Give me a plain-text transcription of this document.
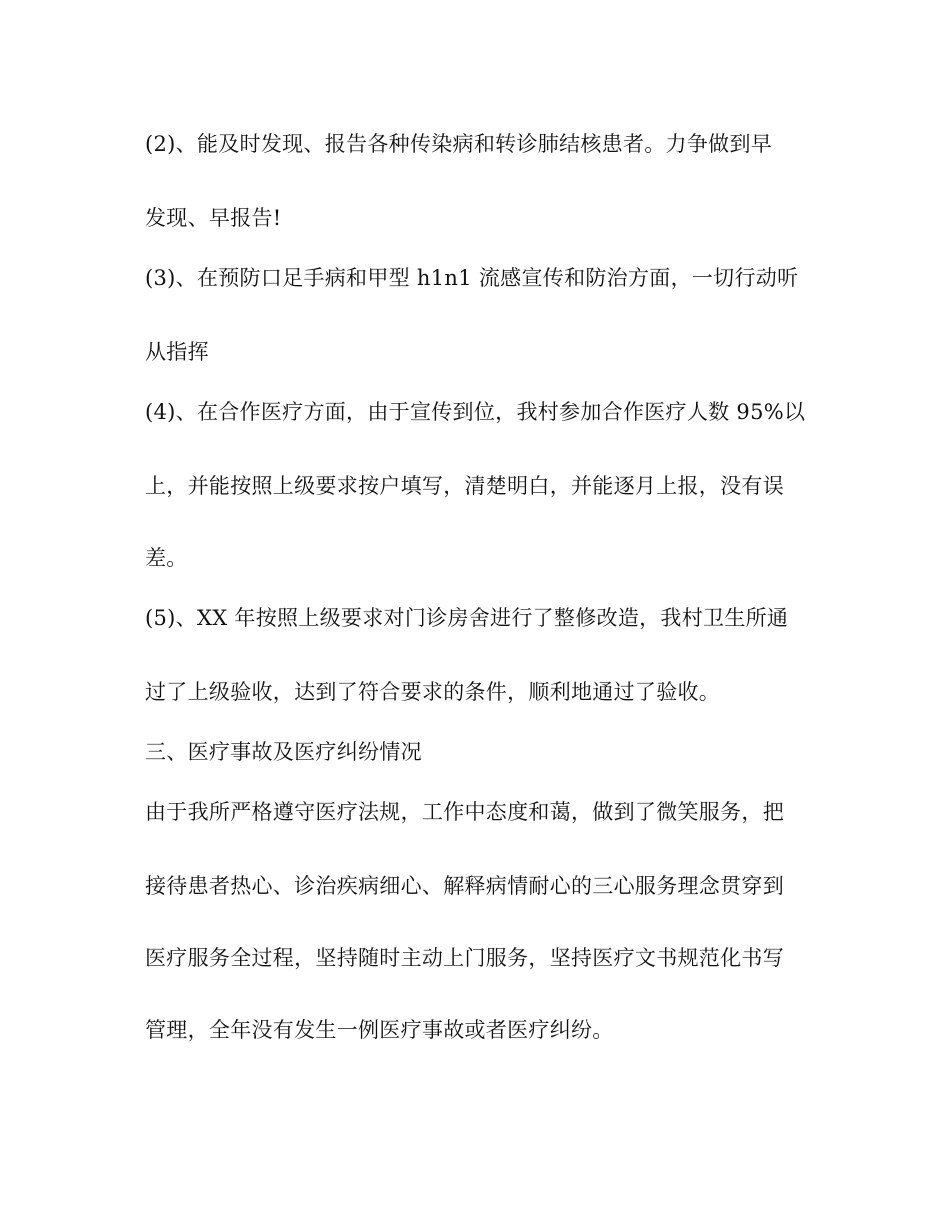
(2)、能及时发现、报告各种传染病和转诊肺结核患者。力争做到早
发现、早报告!
(3)、在预防口足手病和甲型 h1n1 流感宣传和防治方面，一切行动听
从指挥
(4)、在合作医疗方面，由于宣传到位，我村参加合作医疗人数 95%以
上，并能按照上级要求按户填写，清楚明白，并能逐月上报，没有误
差。
(5)、XX 年按照上级要求对门诊房舍进行了整修改造，我村卫生所通
过了上级验收，达到了符合要求的条件，顺利地通过了验收。
三、医疗事故及医疗纠纷情况
由于我所严格遵守医疗法规，工作中态度和蔼，做到了微笑服务，把
接待患者热心、诊治疾病细心、解释病情耐心的三心服务理念贯穿到
医疗服务全过程，坚持随时主动上门服务，坚持医疗文书规范化书写
管理，全年没有发生一例医疗事故或者医疗纠纷。
